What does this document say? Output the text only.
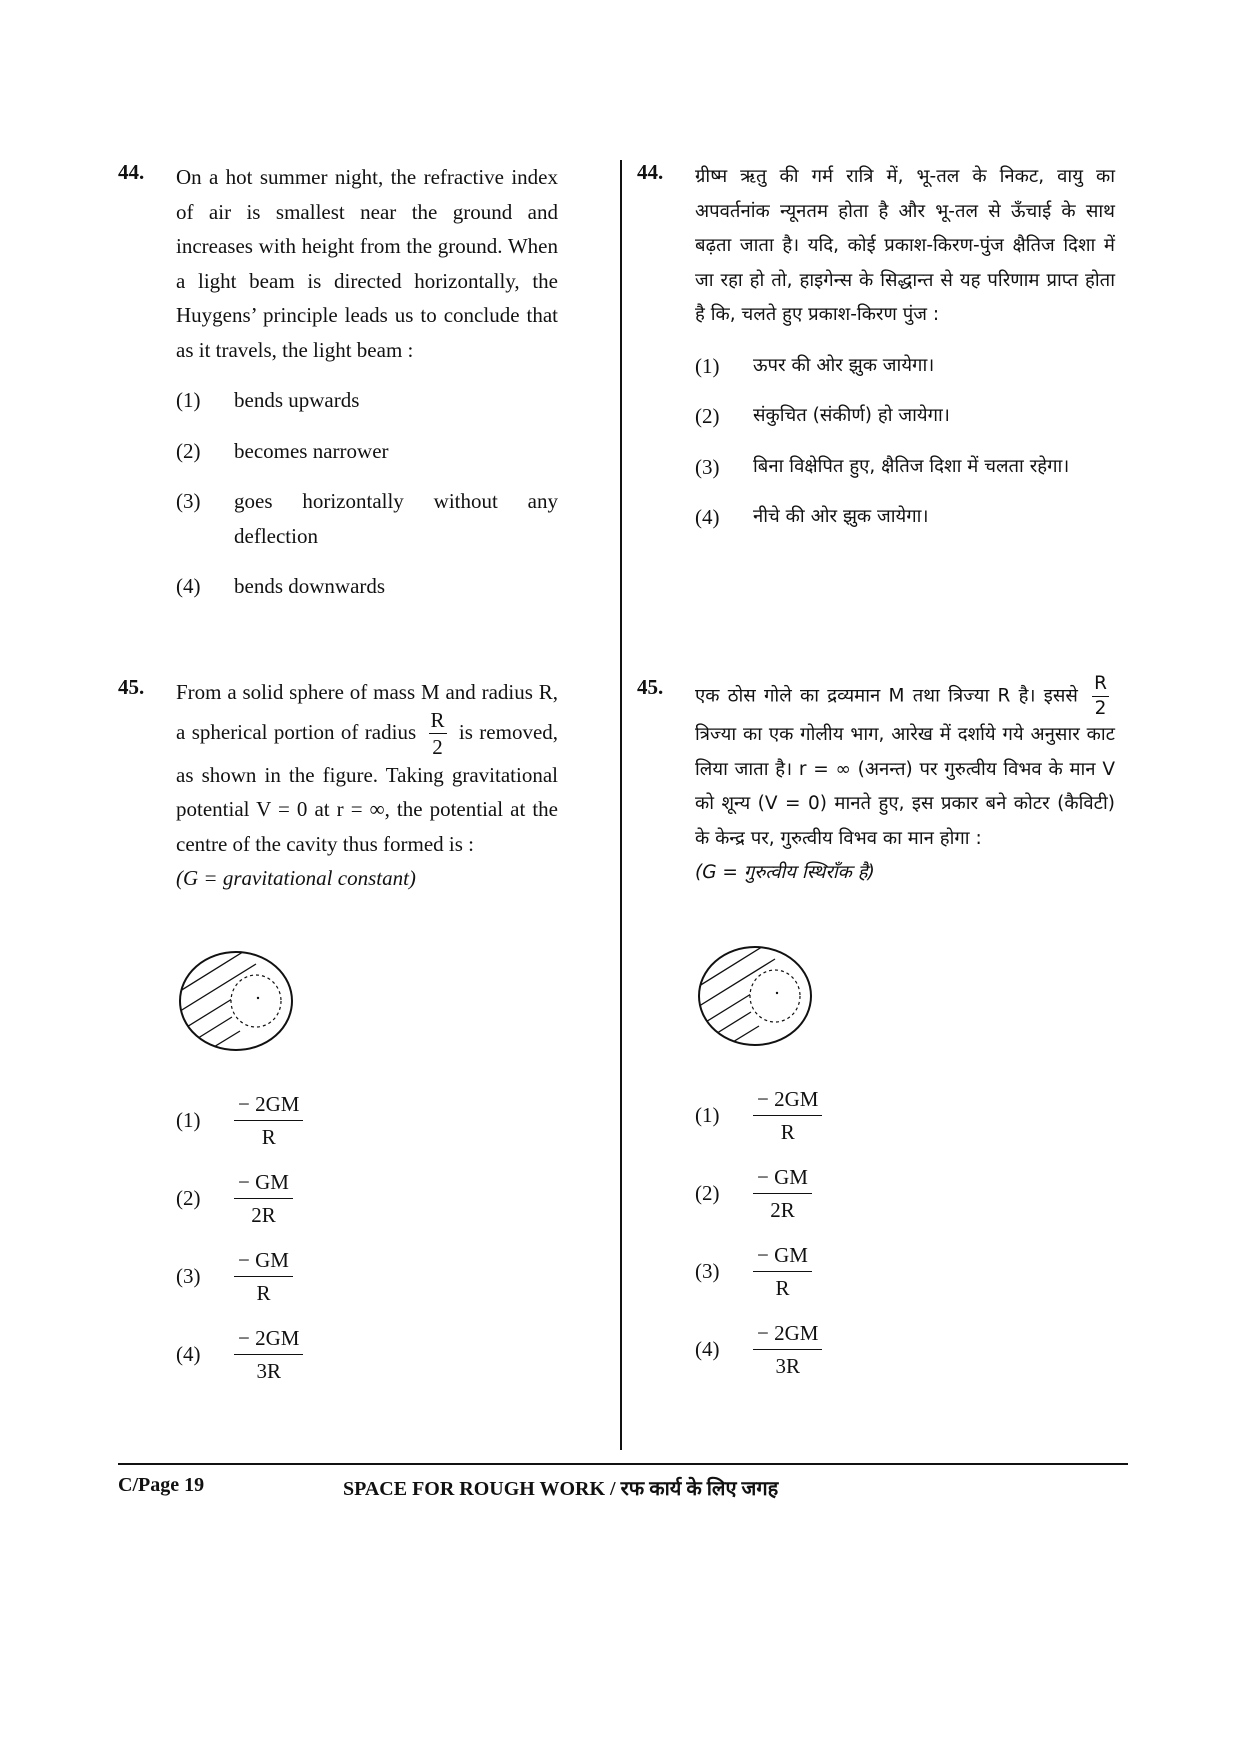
44. On a hot summer night, the refractive index of air is smallest near the ground and increases with height from the ground. When a light beam is directed horizontally, the Huygens’ principle leads us to conclude that as it travels, the light beam :
(1)	bends upwards
(2)	becomes narrower
(3)	goes horizontally without any deflection
(4)	bends downwards
45. From a solid sphere of mass M and radius R, a spherical portion of radius $\frac{R}{2}$ is removed, as shown in the figure. Taking gravitational potential V = 0 at r = ∞, the potential at the centre of the cavity thus formed is :
(G = gravitational constant)
(1)
− 2GM
R
(2)
− GM
2R
(3)
− GM
R
(4)
− 2GM
3R
44. ग्रीष्म ऋतु की गर्म रात्रि में, भू-तल के निकट, वायु का अपवर्तनांक न्यूनतम होता है और भू-तल से ऊँचाई के साथ बढ़ता जाता है। यदि, कोई प्रकाश-किरण-पुंज क्षैतिज दिशा में जा रहा हो तो, हाइगेन्स के सिद्धान्त से यह परिणाम प्राप्त होता है कि, चलते हुए प्रकाश-किरण पुंज :
(1)	ऊपर की ओर झुक जायेगा।
(2)	संकुचित (संकीर्ण) हो जायेगा।
(3)	बिना विक्षेपित हुए, क्षैतिज दिशा में चलता रहेगा।
(4)	नीचे की ओर झुक जायेगा।
45. एक ठोस गोले का द्रव्यमान M तथा त्रिज्या R है। इससे $\frac{R}{2}$
त्रिज्या का एक गोलीय भाग, आरेख में दर्शाये गये अनुसार काट लिया जाता है। r = ∞ (अनन्त) पर गुरुत्वीय विभव के मान V को शून्य (V = 0) मानते हुए, इस प्रकार बने कोटर (कैविटी) के केन्द्र पर, गुरुत्वीय विभव का मान होगा :
(G = गुरुत्वीय स्थिराँक है)
(1)
− 2GM
R
(2)
− GM
2R
(3)
− GM
R
(4)
− 2GM
3R
C/Page 19	SPACE FOR ROUGH WORK / रफ कार्य के लिए जगह
